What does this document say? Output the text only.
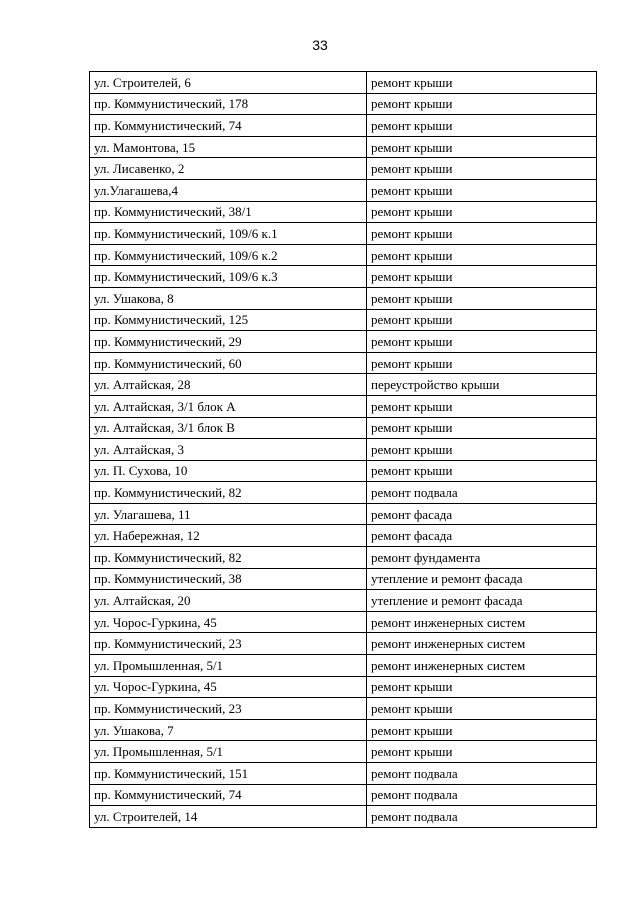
33
ул. Строителей, 6	ремонт крыши
пр. Коммунистический, 178	ремонт крыши
пр. Коммунистический, 74	ремонт крыши
ул. Мамонтова, 15	ремонт крыши
ул. Лисавенко, 2	ремонт крыши
ул.Улагашева,4	ремонт крыши
пр. Коммунистический, 38/1	ремонт крыши
пр. Коммунистический, 109/6 к.1	ремонт крыши
пр. Коммунистический, 109/6 к.2	ремонт крыши
пр. Коммунистический, 109/6 к.3	ремонт крыши
ул. Ушакова, 8	ремонт крыши
пр. Коммунистический, 125	ремонт крыши
пр. Коммунистический, 29	ремонт крыши
пр. Коммунистический, 60	ремонт крыши
ул. Алтайская, 28	переустройство крыши
ул. Алтайская, 3/1 блок А	ремонт крыши
ул. Алтайская, 3/1 блок В	ремонт крыши
ул. Алтайская, 3	ремонт крыши
ул. П. Сухова, 10	ремонт крыши
пр. Коммунистический, 82	ремонт подвала
ул. Улагашева, 11	ремонт фасада
ул. Набережная, 12	ремонт фасада
пр. Коммунистический, 82	ремонт фундамента
пр. Коммунистический, 38	утепление и ремонт фасада
ул. Алтайская, 20	утепление и ремонт фасада
ул. Чорос-Гуркина, 45	ремонт инженерных систем
пр. Коммунистический, 23	ремонт инженерных систем
ул. Промышленная, 5/1	ремонт инженерных систем
ул. Чорос-Гуркина, 45	ремонт крыши
пр. Коммунистический, 23	ремонт крыши
ул. Ушакова, 7	ремонт крыши
ул. Промышленная, 5/1	ремонт крыши
пр. Коммунистический, 151	ремонт подвала
пр. Коммунистический, 74	ремонт подвала
ул. Строителей, 14	ремонт подвала
